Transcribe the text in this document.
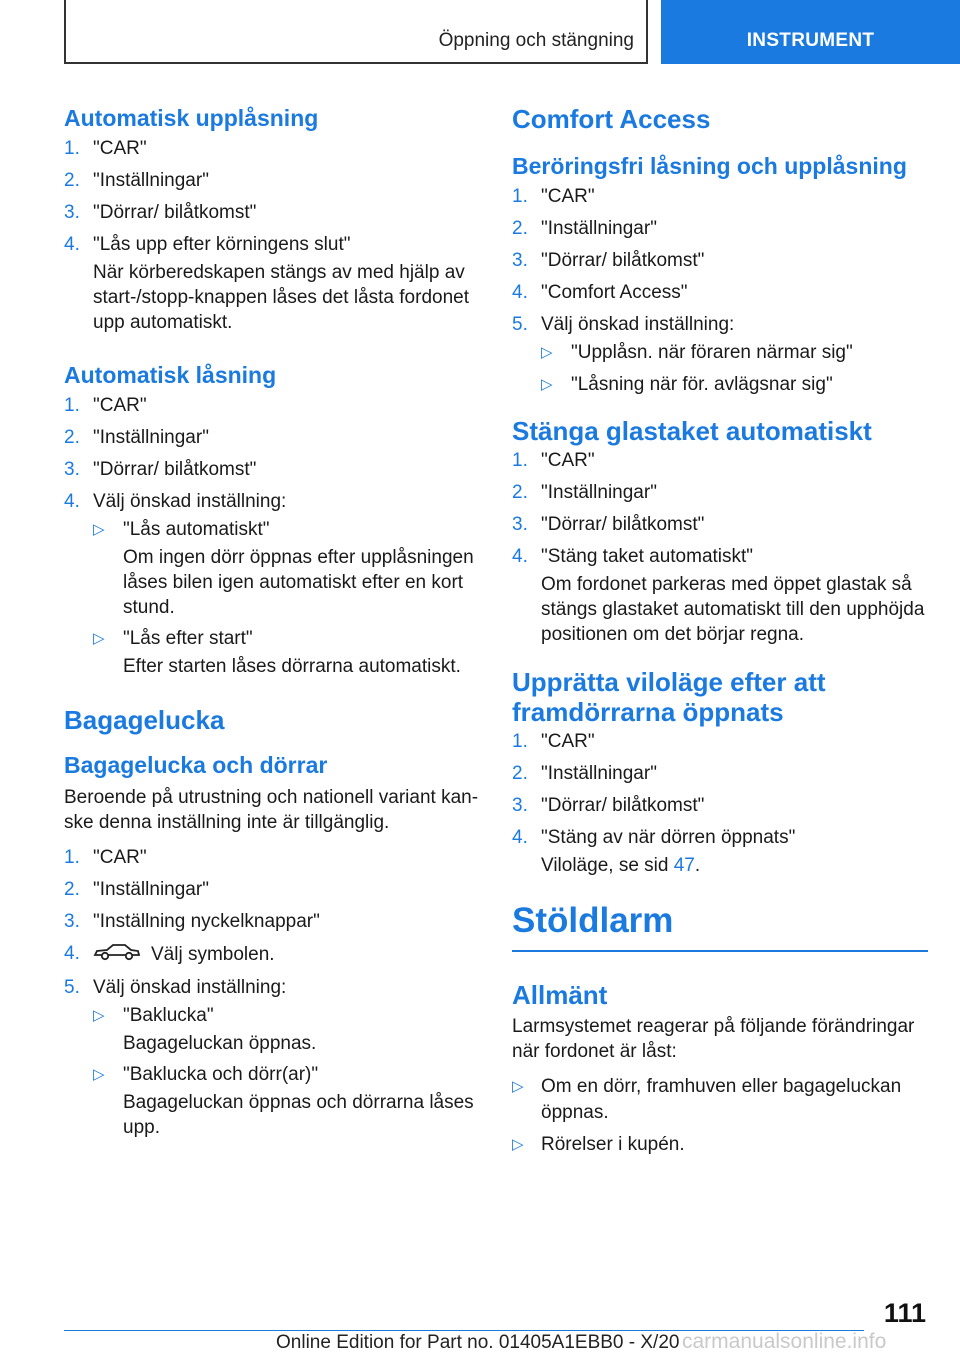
Öppning och stängning	INSTRUMENT
Automatisk upplåsning
1. "CAR"
2. "Inställningar"
3. "Dörrar/ bilåtkomst"
4. "Lås upp efter körningens slut"

När körberedskapen stängs av med hjälp av start-/stopp-knappen låses det låsta fordonet upp automatiskt.

Automatisk låsning
1. "CAR"
2. "Inställningar"
3. "Dörrar/ bilåtkomst"
4. Välj önskad inställning:
▷ "Lås automatiskt"

Om ingen dörr öppnas efter upplåsningen låses bilen igen automatiskt efter en kort stund.

▷ "Lås efter start"

Efter starten låses dörrarna automatiskt.

Bagagelucka
Bagagelucka och dörrar

Beroende på utrustning och nationell variant kan-ske denna inställning inte är tillgänglig.

1. "CAR"
2. "Inställningar"
3. "Inställning nyckelknappar"
4.	Välj symbolen.
5. Välj önskad inställning:
▷ "Baklucka"

Bagageluckan öppnas.

▷ "Baklucka och dörr(ar)"

Bagageluckan öppnas och dörrarna låses upp.

Comfort Access
Beröringsfri låsning och upplåsning
1. "CAR"
2. "Inställningar"
3. "Dörrar/ bilåtkomst"
4. "Comfort Access"
5. Välj önskad inställning:
▷ "Upplåsn. när föraren närmar sig"
▷ "Låsning när för. avlägsnar sig"
Stänga glastaket automatiskt
1. "CAR"
2. "Inställningar"
3. "Dörrar/ bilåtkomst"
4. "Stäng taket automatiskt"

Om fordonet parkeras med öppet glastak så stängs glastaket automatiskt till den upphöjda positionen om det börjar regna.

Upprätta viloläge efter att framdörrarna öppnats
1. "CAR"
2. "Inställningar"
3. "Dörrar/ bilåtkomst"
4. "Stäng av när dörren öppnats"

Viloläge, se sid 47.

Stöldlarm
Allmänt

Larmsystemet reagerar på följande förändringar när fordonet är låst:

▷ Om en dörr, framhuven eller bagageluckan öppnas.
▷ Rörelser i kupén.
111
Online Edition for Part no. 01405A1EBB0 - X/20 carmanualsonline.info
